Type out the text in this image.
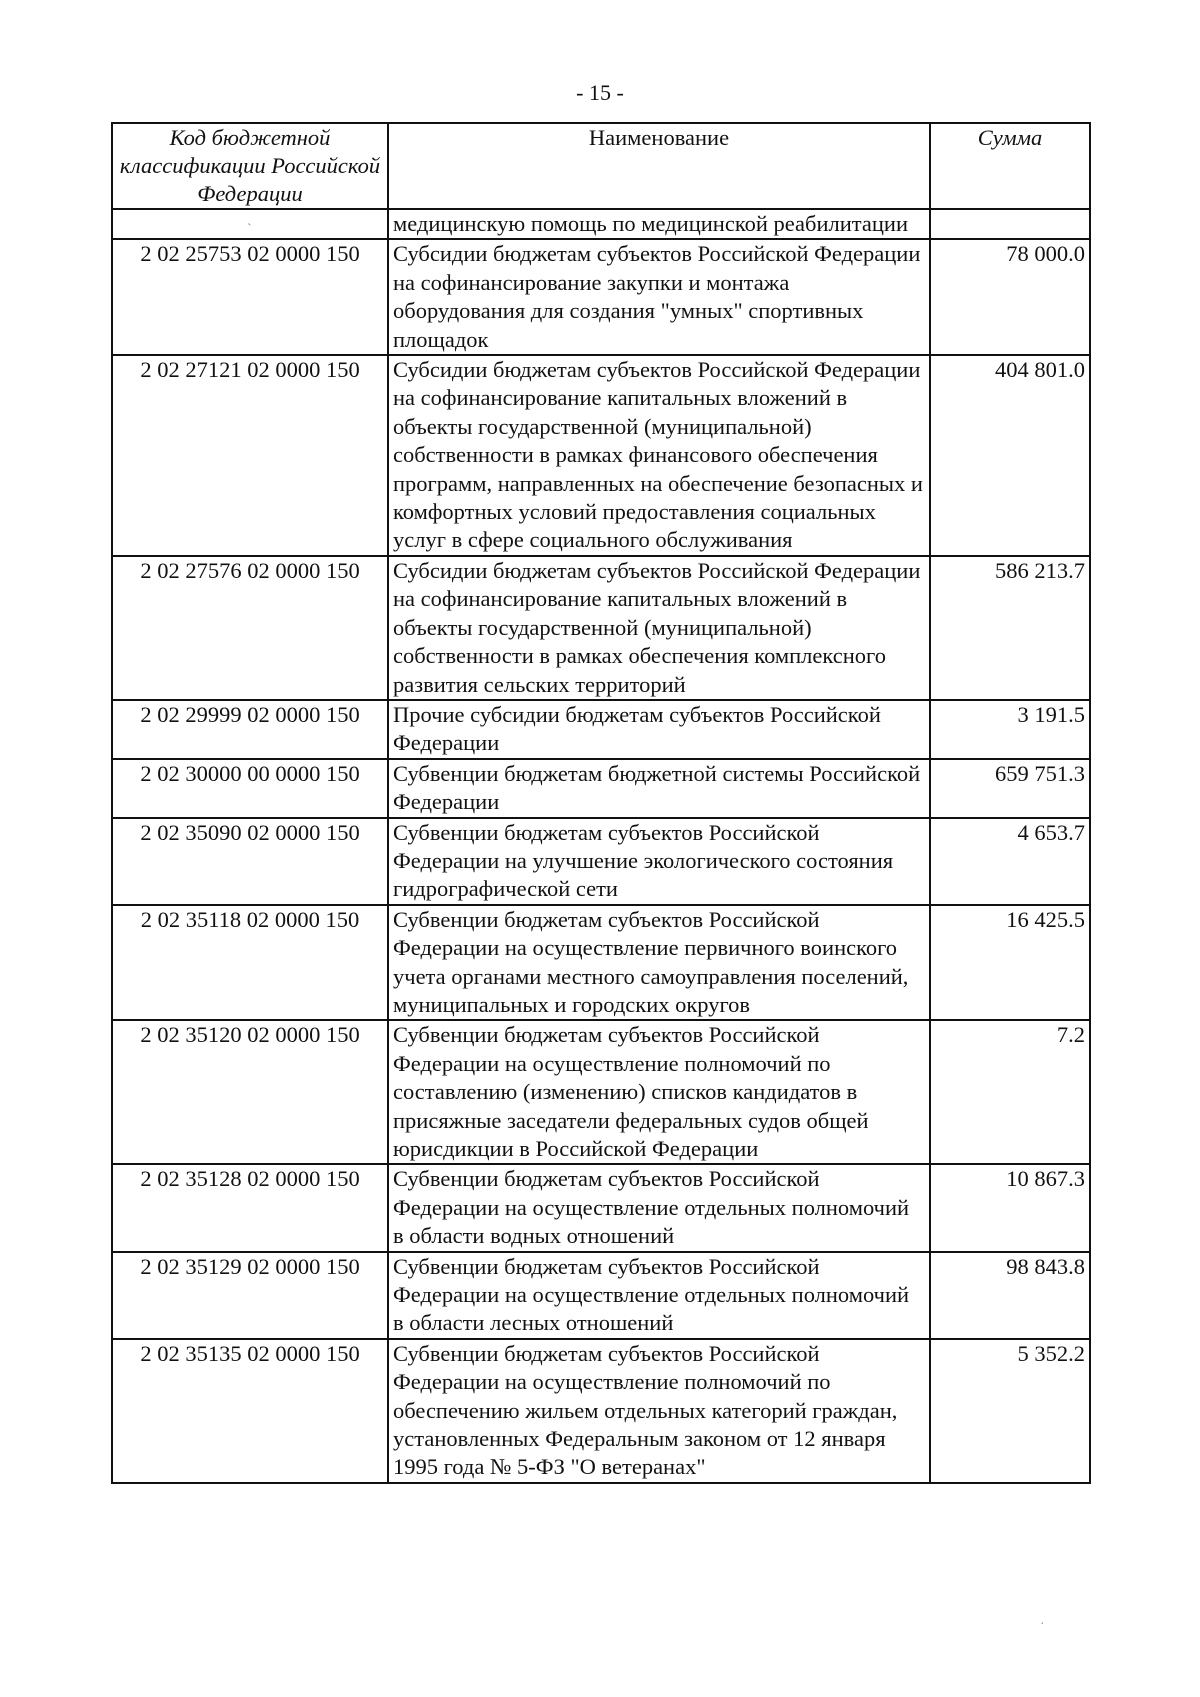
- 15 -
Код бюджетной классификации Российской Федерации	Наименование	Сумма
	медицинскую помощь по медицинской реабилитации	
2 02 25753 02 0000 150	Субсидии бюджетам субъектов Российской Федерации на софинансирование закупки и монтажа оборудования для создания "умных" спортивных площадок	78 000.0
2 02 27121 02 0000 150	Субсидии бюджетам субъектов Российской Федерации на софинансирование капитальных вложений в объекты государственной (муниципальной) собственности в рамках финансового обеспечения программ, направленных на обеспечение безопасных и комфортных условий предоставления социальных услуг в сфере социального обслуживания	404 801.0
2 02 27576 02 0000 150	Субсидии бюджетам субъектов Российской Федерации на софинансирование капитальных вложений в объекты государственной (муниципальной) собственности в рамках обеспечения комплексного развития сельских территорий	586 213.7
2 02 29999 02 0000 150	Прочие субсидии бюджетам субъектов Российской Федерации	3 191.5
2 02 30000 00 0000 150	Субвенции бюджетам бюджетной системы Российской Федерации	659 751.3
2 02 35090 02 0000 150	Субвенции бюджетам субъектов Российской Федерации на улучшение экологического состояния гидрографической сети	4 653.7
2 02 35118 02 0000 150	Субвенции бюджетам субъектов Российской Федерации на осуществление первичного воинского учета органами местного самоуправления поселений, муниципальных и городских округов	16 425.5
2 02 35120 02 0000 150	Субвенции бюджетам субъектов Российской Федерации на осуществление полномочий по составлению (изменению) списков кандидатов в присяжные заседатели федеральных судов общей юрисдикции в Российской Федерации	7.2
2 02 35128 02 0000 150	Субвенции бюджетам субъектов Российской Федерации на осуществление отдельных полномочий в области водных отношений	10 867.3
2 02 35129 02 0000 150	Субвенции бюджетам субъектов Российской Федерации на осуществление отдельных полномочий в области лесных отношений	98 843.8
2 02 35135 02 0000 150	Субвенции бюджетам субъектов Российской Федерации на осуществление полномочий по обеспечению жильем отдельных категорий граждан, установленных Федеральным законом от 12 января 1995 года № 5-ФЗ "О ветеранах"	5 352.2
ˋ
·
